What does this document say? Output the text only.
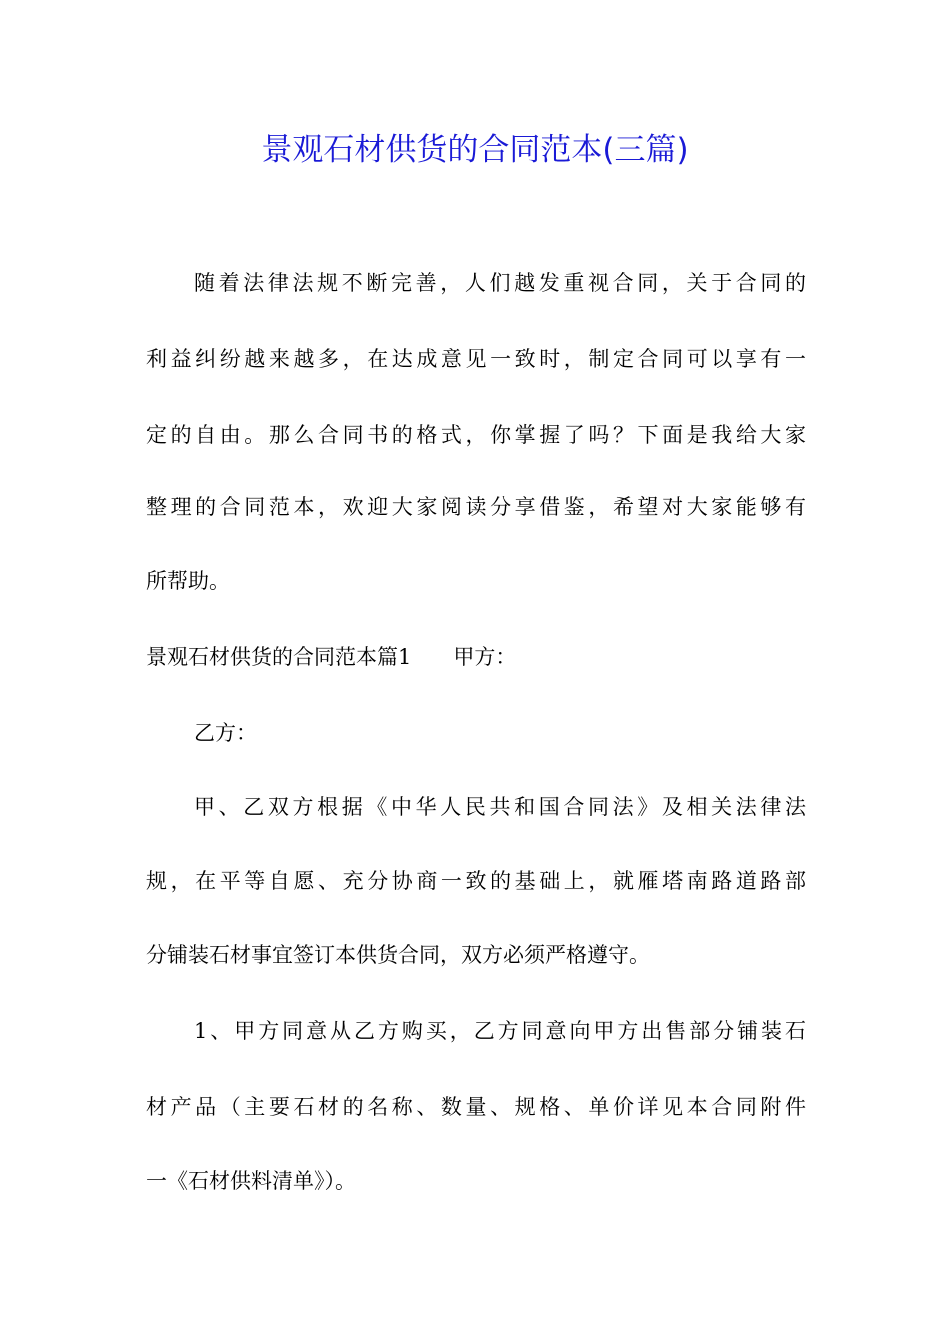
景观石材供货的合同范本(三篇)
随着法律法规不断完善，人们越发重视合同，关于合同的
利益纠纷越来越多，在达成意见一致时，制定合同可以享有一
定的自由。那么合同书的格式，你掌握了吗？下面是我给大家
整理的合同范本，欢迎大家阅读分享借鉴，希望对大家能够有
所帮助。
景观石材供货的合同范本篇1　　甲方：
乙方：
甲、乙双方根据《中华人民共和国合同法》及相关法律法
规，在平等自愿、充分协商一致的基础上，就雁塔南路道路部
分铺装石材事宜签订本供货合同，双方必须严格遵守。
1、甲方同意从乙方购买，乙方同意向甲方出售部分铺装石
材产品（主要石材的名称、数量、规格、单价详见本合同附件
一《石材供料清单》）。
